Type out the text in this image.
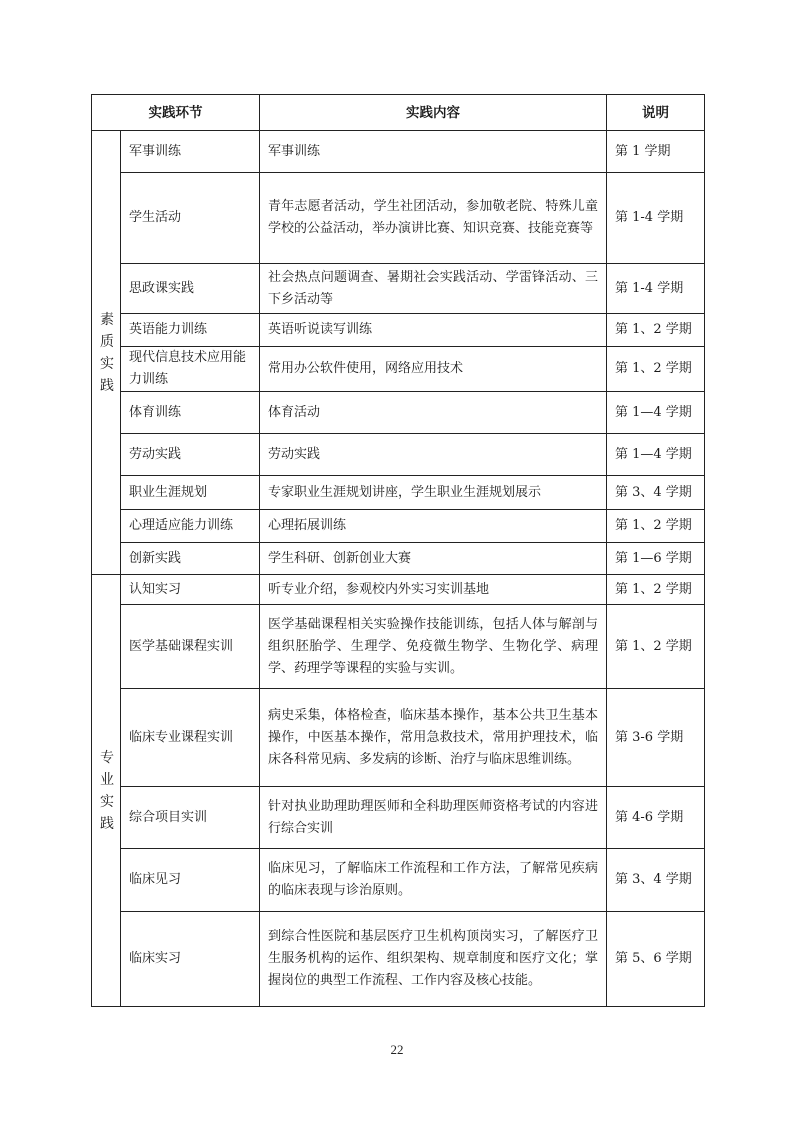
实践环节		实践内容	说明

素质实践	军事训练	军事训练	第 1 学期
	学生活动	青年志愿者活动，学生社团活动，参加敬老院、特殊儿童学校的公益活动，举办演讲比赛、知识竞赛、技能竞赛等	第 1-4 学期
	思政课实践	社会热点问题调查、暑期社会实践活动、学雷锋活动、三下乡活动等	第 1-4 学期
	英语能力训练	英语听说读写训练	第 1、2 学期
	现代信息技术应用能力训练	常用办公软件使用，网络应用技术	第 1、2 学期
	体育训练	体育活动	第 1—4 学期
	劳动实践	劳动实践	第 1—4 学期
	职业生涯规划	专家职业生涯规划讲座，学生职业生涯规划展示	第 3、4 学期
	心理适应能力训练	心理拓展训练	第 1、2 学期
	创新实践	学生科研、创新创业大赛	第 1—6 学期

专业实践	认知实习	听专业介绍，参观校内外实习实训基地	第 1、2 学期
	医学基础课程实训	医学基础课程相关实验操作技能训练，包括人体与解剖与组织胚胎学、生理学、免疫微生物学、生物化学、病理学、药理学等课程的实验与实训。	第 1、2 学期
	临床专业课程实训	病史采集，体格检查，临床基本操作，基本公共卫生基本操作，中医基本操作，常用急救技术，常用护理技术，临床各科常见病、多发病的诊断、治疗与临床思维训练。	第 3-6 学期
	综合项目实训	针对执业助理助理医师和全科助理医师资格考试的内容进行综合实训	第 4-6 学期
	临床见习	临床见习，了解临床工作流程和工作方法，了解常见疾病的临床表现与诊治原则。	第 3、4 学期
	临床实习	到综合性医院和基层医疗卫生机构顶岗实习，了解医疗卫生服务机构的运作、组织架构、规章制度和医疗文化；掌握岗位的典型工作流程、工作内容及核心技能。	第 5、6 学期
22
